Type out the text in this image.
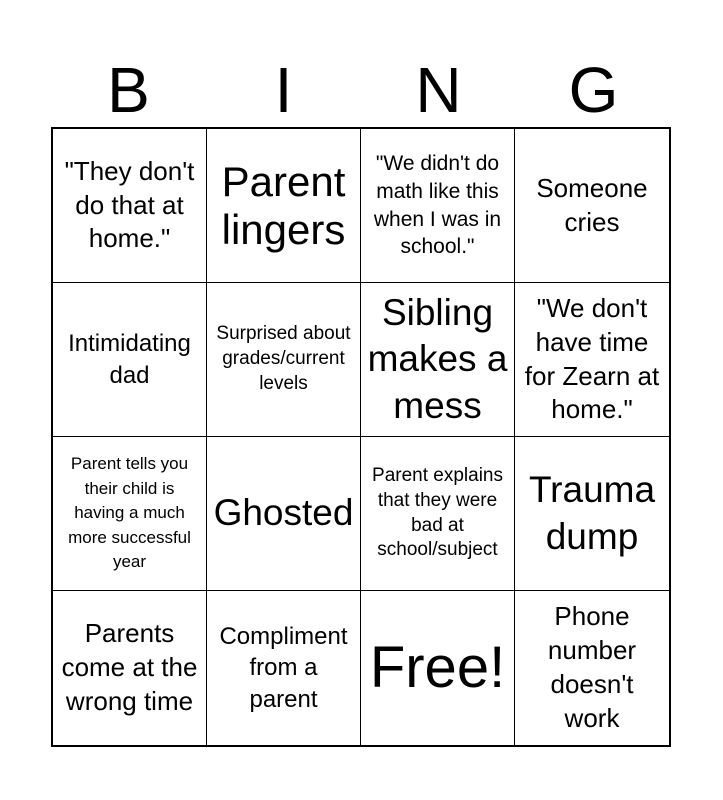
B	I	N	G
"They don't do that at home."
Parent lingers
"We didn't do math like this when I was in school."
Someone cries
Intimidating dad
Surprised about grades/current levels
Sibling makes a mess
"We don't have time for Zearn at home."
Parent tells you their child is having a much more successful year
Ghosted
Parent explains that they were bad at school/subject
Trauma dump
Parents come at the wrong time
Compliment from a parent Free!
Phone number doesn't work
